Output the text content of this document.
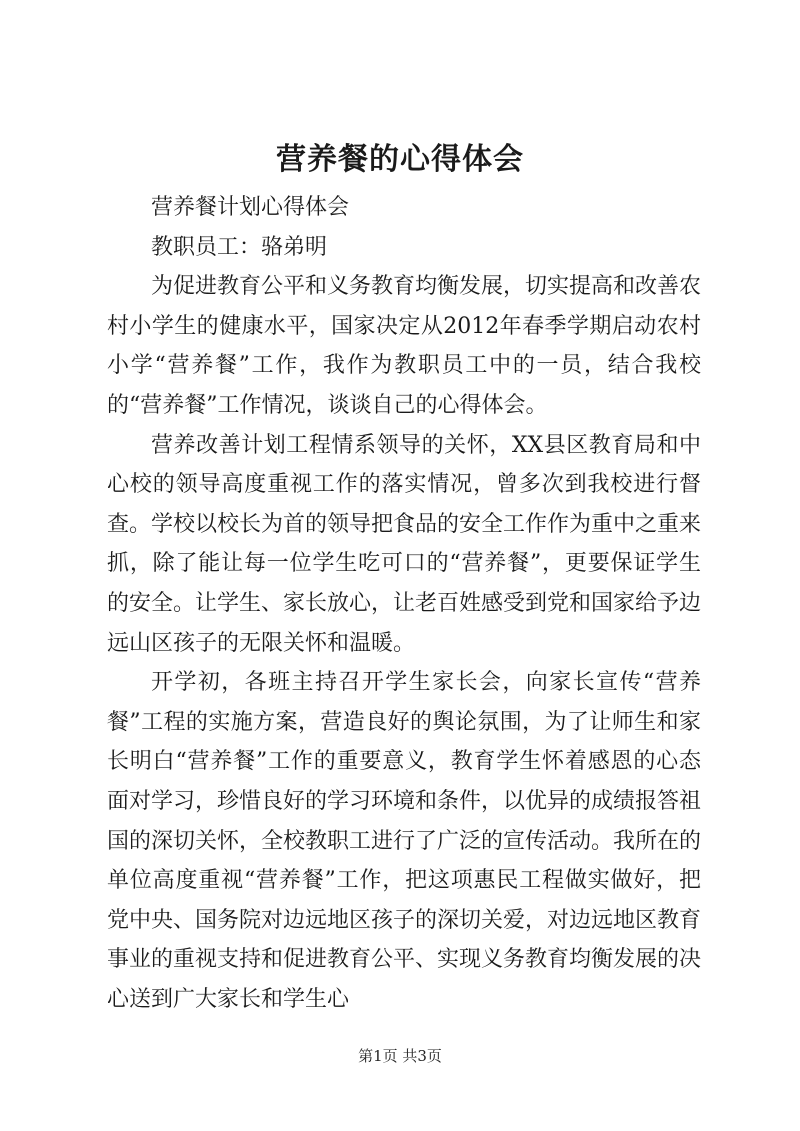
营养餐的心得体会

营养餐计划心得体会

教职员工：骆弟明

为促进教育公平和义务教育均衡发展，切实提高和改善农村小学生的健康水平，国家决定从2012年春季学期启动农村小学“营养餐”工作，我作为教职员工中的一员，结合我校的“营养餐”工作情况，谈谈自己的心得体会。

营养改善计划工程情系领导的关怀，XX县区教育局和中心校的领导高度重视工作的落实情况，曾多次到我校进行督查。学校以校长为首的领导把食品的安全工作作为重中之重来抓，除了能让每一位学生吃可口的“营养餐”，更要保证学生的安全。让学生、家长放心，让老百姓感受到党和国家给予边远山区孩子的无限关怀和温暖。

开学初，各班主持召开学生家长会，向家长宣传“营养餐”工程的实施方案，营造良好的舆论氛围，为了让师生和家长明白“营养餐”工作的重要意义，教育学生怀着感恩的心态面对学习，珍惜良好的学习环境和条件，以优异的成绩报答祖国的深切关怀，全校教职工进行了广泛的宣传活动。我所在的单位高度重视“营养餐”工作，把这项惠民工程做实做好，把党中央、国务院对边远地区孩子的深切关爱，对边远地区教育事业的重视支持和促进教育公平、实现义务教育均衡发展的决心送到广大家长和学生心

第1页 共3页
